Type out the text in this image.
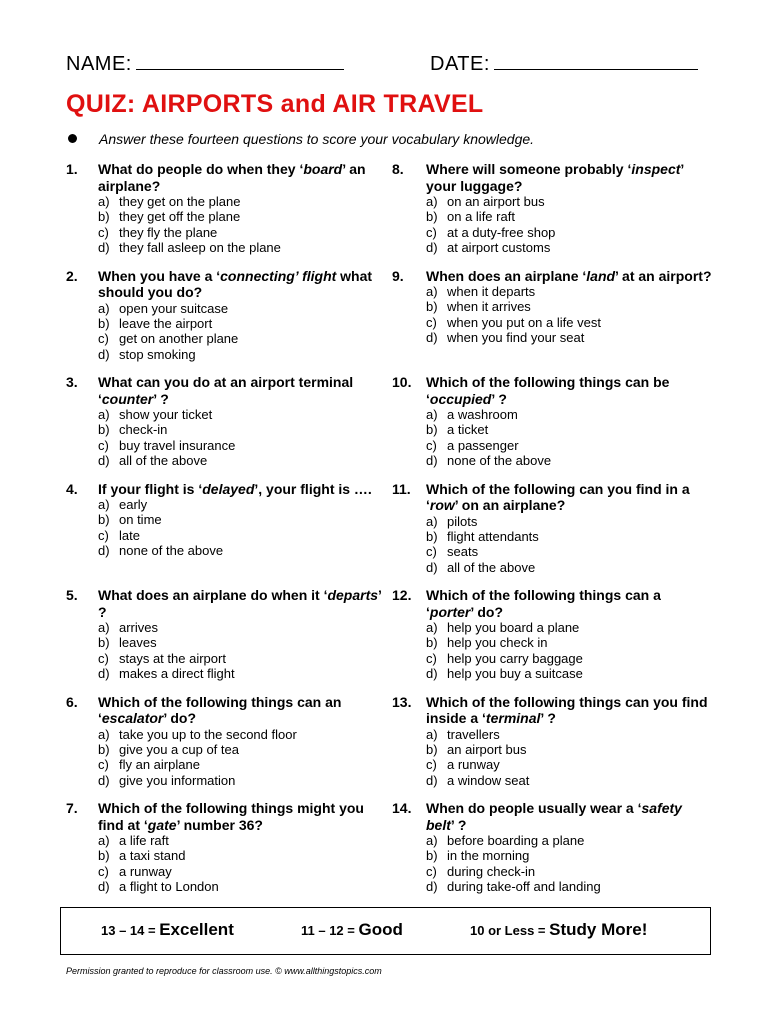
NAME:	DATE:
QUIZ: AIRPORTS and AIR TRAVEL
Answer these fourteen questions to score your vocabulary knowledge.
1.	What do people do when they ‘board’ an airplane?
a) they get on the plane
b) they get off the plane
c) they fly the plane
d) they fall asleep on the plane
2.	When you have a ‘connecting’ flight what should you do?
a) open your suitcase
b) leave the airport
c) get on another plane
d) stop smoking
3.	What can you do at an airport terminal ‘counter’ ?
a) show your ticket
b) check-in
c) buy travel insurance
d) all of the above
4.	If your flight is ‘delayed’, your flight is ….
a) early
b) on time
c) late
d) none of the above
5.	What does an airplane do when it ‘departs’ ?
a) arrives
b) leaves
c) stays at the airport
d) makes a direct flight
6.	Which of the following things can an ‘escalator’ do?
a) take you up to the second floor
b) give you a cup of tea
c) fly an airplane
d) give you information
7.	Which of the following things might you find at ‘gate’ number 36?
a) a life raft
b) a taxi stand
c) a runway
d) a flight to London
8.	Where will someone probably ‘inspect’ your luggage?
a) on an airport bus
b) on a life raft
c) at a duty-free shop
d) at airport customs
9.	When does an airplane ‘land’ at an airport?
a) when it departs
b) when it arrives
c) when you put on a life vest
d) when you find your seat
10.	Which of the following things can be ‘occupied’ ?
a) a washroom
b) a ticket
c) a passenger
d) none of the above
11.	Which of the following can you find in a ‘row’ on an airplane?
a) pilots
b) flight attendants
c) seats
d) all of the above
12.	Which of the following things can a ‘porter’ do?
a) help you board a plane
b) help you check in
c) help you carry baggage
d) help you buy a suitcase
13.	Which of the following things can you find inside a ‘terminal’ ?
a) travellers
b) an airport bus
c) a runway
d) a window seat
14.	When do people usually wear a ‘safety belt’ ?
a) before boarding a plane
b) in the morning
c) during check-in
d) during take-off and landing
13 – 14 = Excellent	11 – 12 = Good	10 or Less = Study More!
Permission granted to reproduce for classroom use. © www.allthingstopics.com
